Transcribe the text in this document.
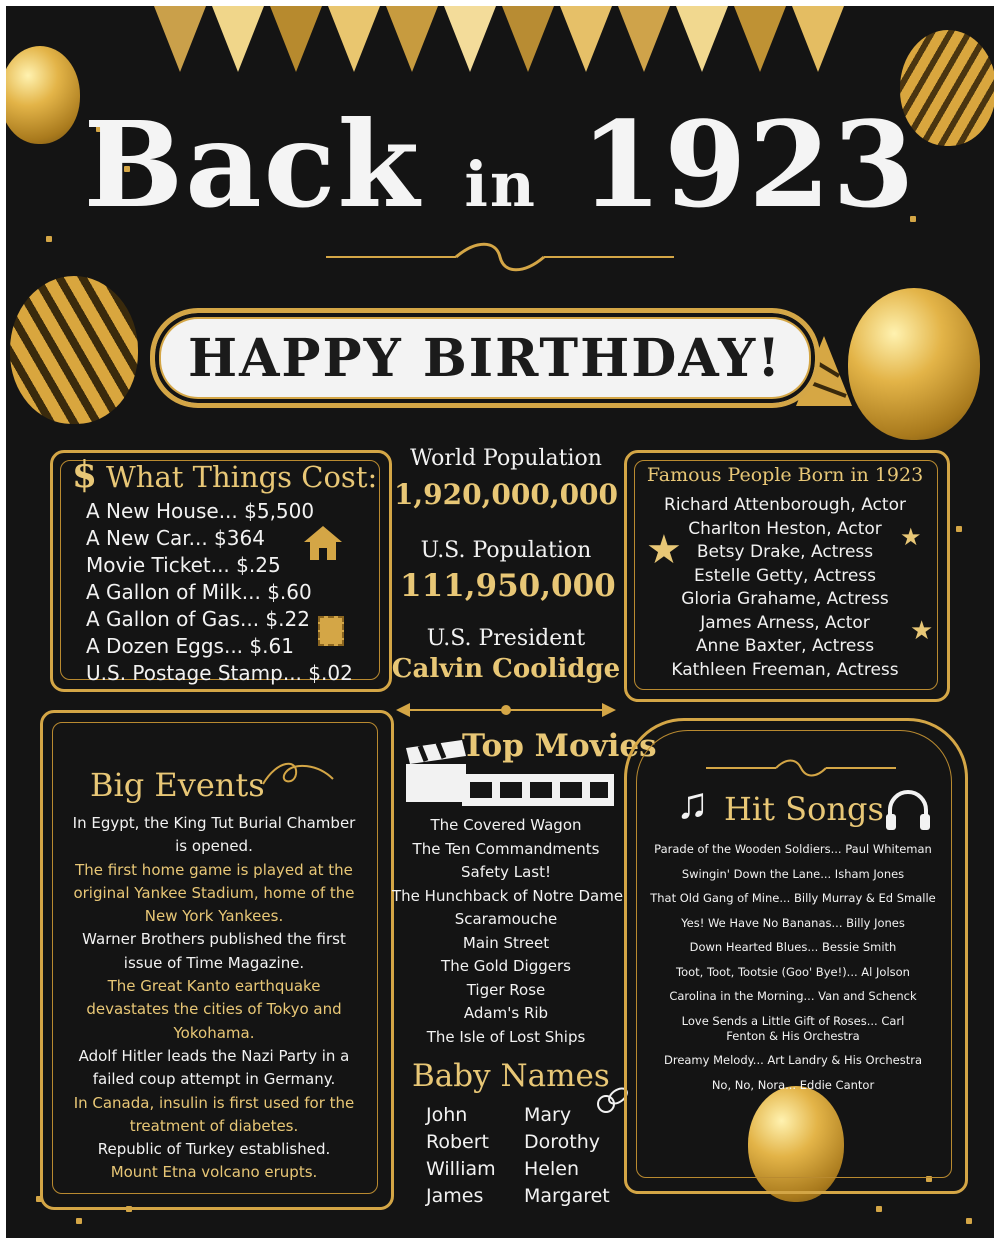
Back in 1923
HAPPY BIRTHDAY!
$ What Things Cost:
A New House... $5,500
A New Car... $364
Movie Ticket... $.25
A Gallon of Milk... $.60
A Gallon of Gas... $.22
A Dozen Eggs... $.61
U.S. Postage Stamp... $.02
World Population
1,920,000,000
U.S. Population
111,950,000
U.S. President
Calvin Coolidge
Famous People Born in 1923
Richard Attenborough, Actor
Charlton Heston, Actor
Betsy Drake, Actress
Estelle Getty, Actress
Gloria Grahame, Actress
James Arness, Actor
Anne Baxter, Actress
Kathleen Freeman, Actress
★	★
★
Big Events
In Egypt, the King Tut Burial Chamber is opened.
The first home game is played at the original Yankee Stadium, home of the New York Yankees.
Warner Brothers published the first issue of Time Magazine.
The Great Kanto earthquake devastates the cities of Tokyo and Yokohama.
Adolf Hitler leads the Nazi Party in a failed coup attempt in Germany.
In Canada, insulin is first used for the treatment of diabetes.
Republic of Turkey established.
Mount Etna volcano erupts.
Top Movies
The Covered Wagon
The Ten Commandments
Safety Last!
The Hunchback of Notre Dame
Scaramouche
Main Street
The Gold Diggers
Tiger Rose
Adam's Rib
The Isle of Lost Ships
Baby Names
John
Robert
William
James
Mary
Dorothy
Helen
Margaret
♫ Hit Songs
Parade of the Wooden Soldiers... Paul Whiteman
Swingin' Down the Lane... Isham Jones
That Old Gang of Mine... Billy Murray & Ed Smalle
Yes! We Have No Bananas... Billy Jones
Down Hearted Blues... Bessie Smith
Toot, Toot, Tootsie (Goo' Bye!)... Al Jolson
Carolina in the Morning... Van and Schenck
Love Sends a Little Gift of Roses... Carl Fenton & His Orchestra
Dreamy Melody... Art Landry & His Orchestra
No, No, Nora... Eddie Cantor
